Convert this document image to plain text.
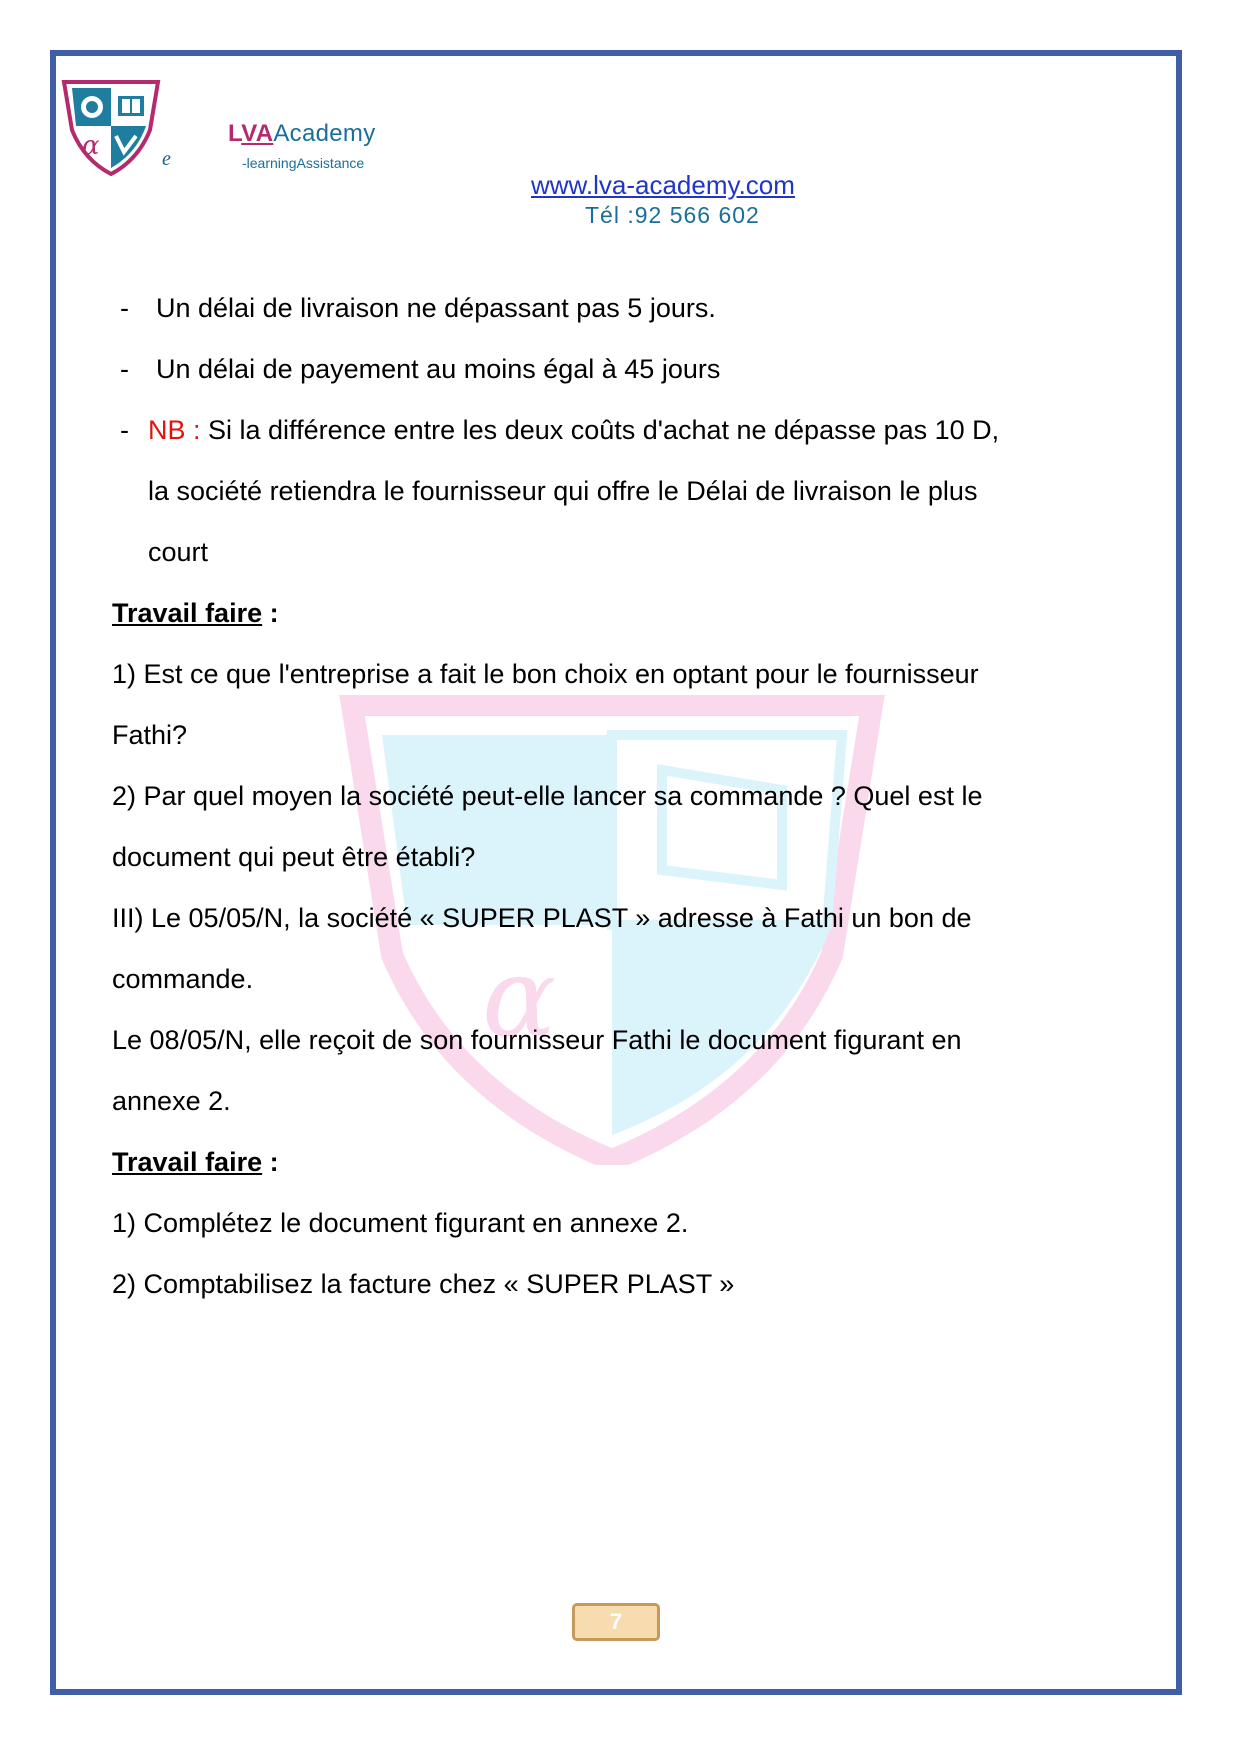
α
α	e
LVAAcademy
-learningAssistance
www.lva-academy.com
Tél :92 566 602

- Un délai de livraison ne dépassant pas 5 jours.

- Un délai de payement au moins égal à 45 jours

- NB : Si la différence entre les deux coûts d'achat ne dépasse pas 10 D,

la société retiendra le fournisseur qui offre le Délai de livraison le plus

court

Travail faire :

1) Est ce que l'entreprise a fait le bon choix en optant pour le fournisseur

Fathi?

2) Par quel moyen la société peut-elle lancer sa commande ? Quel est le

document qui peut être établi?

III) Le 05/05/N, la société « SUPER PLAST » adresse à Fathi un bon de

commande.

Le 08/05/N, elle reçoit de son fournisseur Fathi le document figurant en

annexe 2.

Travail faire :

1) Complétez le document figurant en annexe 2.

2) Comptabilisez la facture chez « SUPER PLAST »

7
